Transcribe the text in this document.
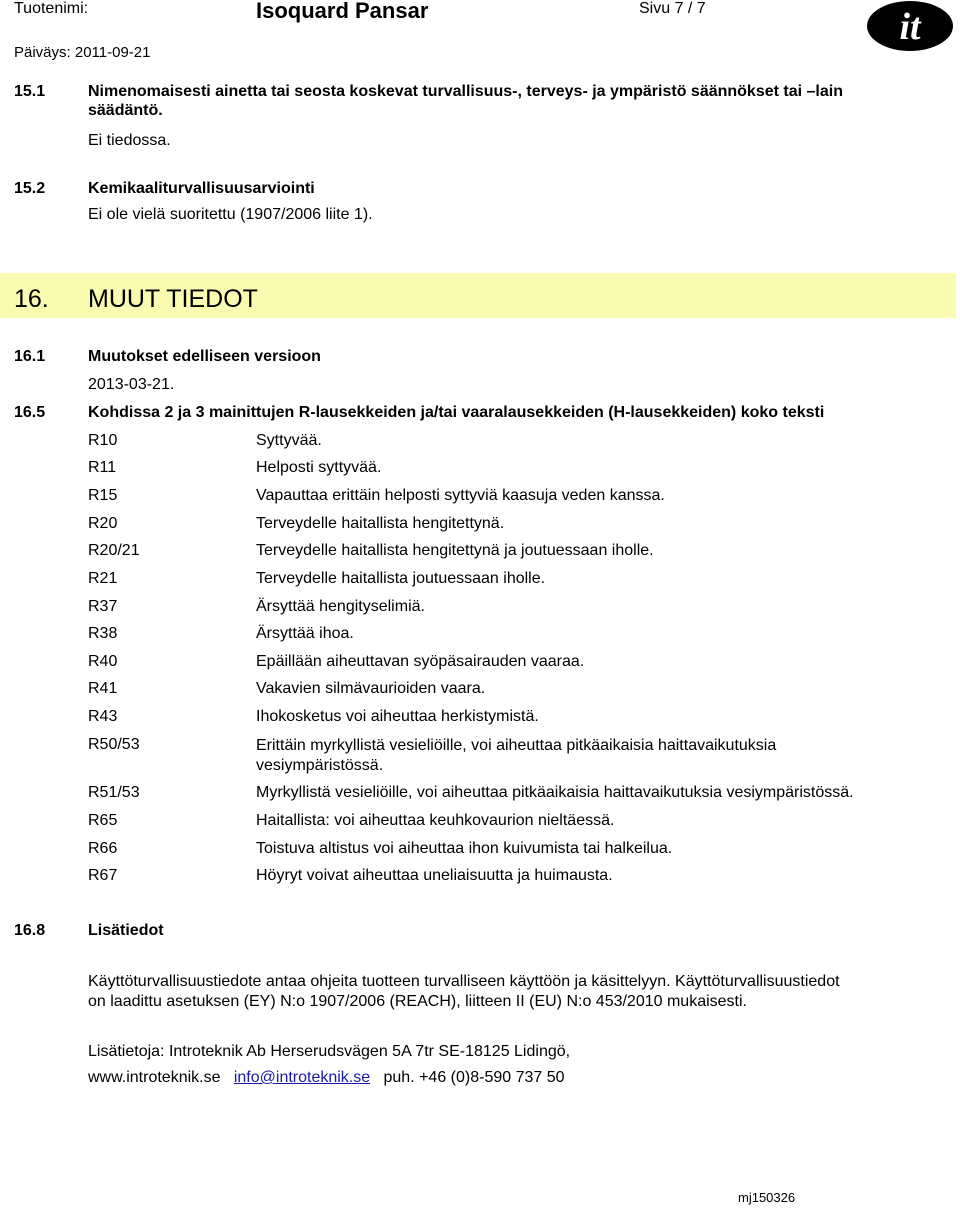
Tuotenimi:	Isoquard Pansar	Sivu 7 / 7
Päiväys: 2011-09-21
it
15.1	Nimenomaisesti ainetta tai seosta koskevat turvallisuus-, terveys- ja ympäristö säännökset tai –lain
säädäntö.
Ei tiedossa.
15.2	Kemikaaliturvallisuusarviointi
Ei ole vielä suoritettu (1907/2006 liite 1).
16. MUUT TIEDOT
16.1	Muutokset edelliseen versioon
2013-03-21.
16.5	Kohdissa 2 ja 3 mainittujen R-lausekkeiden ja/tai vaaralausekkeiden (H-lausekkeiden) koko teksti
R10	Syttyvää.
R11	Helposti syttyvää.
R15	Vapauttaa erittäin helposti syttyviä kaasuja veden kanssa.
R20	Terveydelle haitallista hengitettynä.
R20/21	Terveydelle haitallista hengitettynä ja joutuessaan iholle.
R21	Terveydelle haitallista joutuessaan iholle.
R37	Ärsyttää hengityselimiä.
R38	Ärsyttää ihoa.
R40	Epäillään aiheuttavan syöpäsairauden vaaraa.
R41	Vakavien silmävaurioiden vaara.
R43	Ihokosketus voi aiheuttaa herkistymistä.
R50/53	Erittäin myrkyllistä vesieliöille, voi aiheuttaa pitkäaikaisia haittavaikutuksia vesiympäristössä.
R51/53	Myrkyllistä vesieliöille, voi aiheuttaa pitkäaikaisia haittavaikutuksia vesiympäristössä.
R65	Haitallista: voi aiheuttaa keuhkovaurion nieltäessä.
R66	Toistuva altistus voi aiheuttaa ihon kuivumista tai halkeilua.
R67	Höyryt voivat aiheuttaa uneliaisuutta ja huimausta.
16.8	Lisätiedot
Käyttöturvallisuustiedote antaa ohjeita tuotteen turvalliseen käyttöön ja käsittelyyn. Käyttöturvallisuustiedot
on laadittu asetuksen (EY) N:o 1907/2006 (REACH), liitteen II (EU) N:o 453/2010 mukaisesti.
Lisätietoja: Introteknik Ab Herserudsvägen 5A 7tr SE-18125 Lidingö,
www.introteknik.se info@introteknik.se puh. +46 (0)8-590 737 50
mj150326
